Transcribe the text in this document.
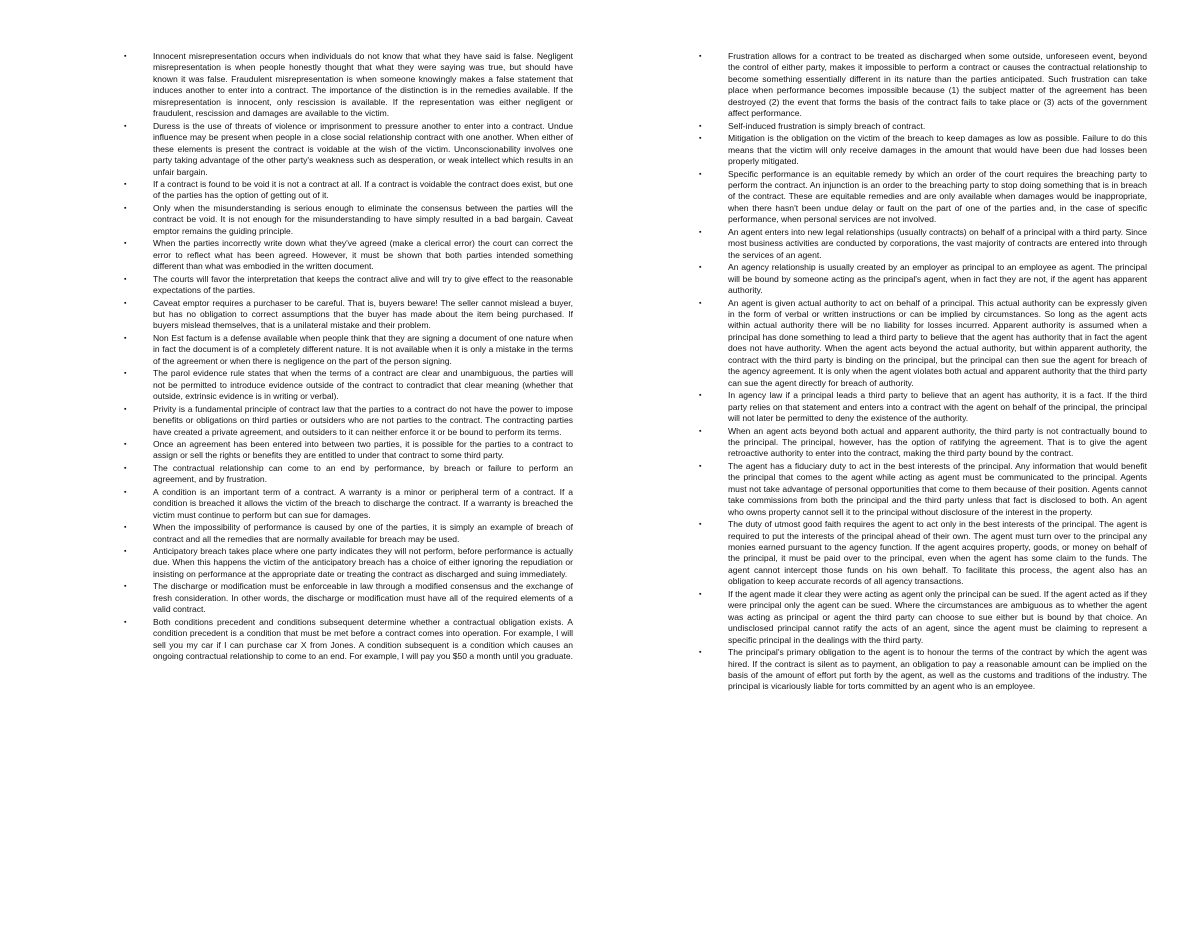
▪	Innocent misrepresentation occurs when individuals do not know that what they have said is false. Negligent misrepresentation is when people honestly thought that what they were saying was true, but should have known it was false. Fraudulent misrepresentation is when someone knowingly makes a false statement that induces another to enter into a contract. The importance of the distinction is in the remedies available. If the misrepresentation is innocent, only rescission is available. If the representation was either negligent or fraudulent, rescission and damages are available to the victim.
▪	Duress is the use of threats of violence or imprisonment to pressure another to enter into a contract. Undue influence may be present when people in a close social relationship contract with one another. When either of these elements is present the contract is voidable at the wish of the victim. Unconscionability involves one party taking advantage of the other party's weakness such as desperation, or weak intellect which results in an unfair bargain.
▪	If a contract is found to be void it is not a contract at all. If a contract is voidable the contract does exist, but one of the parties has the option of getting out of it.
▪	Only when the misunderstanding is serious enough to eliminate the consensus between the parties will the contract be void. It is not enough for the misunderstanding to have simply resulted in a bad bargain. Caveat emptor remains the guiding principle.
▪	When the parties incorrectly write down what they've agreed (make a clerical error) the court can correct the error to reflect what has been agreed. However, it must be shown that both parties intended something different than what was embodied in the written document.
▪	The courts will favor the interpretation that keeps the contract alive and will try to give effect to the reasonable expectations of the parties.
▪	Caveat emptor requires a purchaser to be careful. That is, buyers beware! The seller cannot mislead a buyer, but has no obligation to correct assumptions that the buyer has made about the item being purchased. If buyers mislead themselves, that is a unilateral mistake and their problem.
▪	Non Est factum is a defense available when people think that they are signing a document of one nature when in fact the document is of a completely different nature. It is not available when it is only a mistake in the terms of the agreement or when there is negligence on the part of the person signing.
▪	The parol evidence rule states that when the terms of a contract are clear and unambiguous, the parties will not be permitted to introduce evidence outside of the contract to contradict that clear meaning (whether that outside, extrinsic evidence is in writing or verbal).
▪	Privity is a fundamental principle of contract law that the parties to a contract do not have the power to impose benefits or obligations on third parties or outsiders who are not parties to the contract. The contracting parties have created a private agreement, and outsiders to it can neither enforce it or be bound to perform its terms.
▪	Once an agreement has been entered into between two parties, it is possible for the parties to a contract to assign or sell the rights or benefits they are entitled to under that contract to some third party.
▪	The contractual relationship can come to an end by performance, by breach or failure to perform an agreement, and by frustration.
▪	A condition is an important term of a contract. A warranty is a minor or peripheral term of a contract. If a condition is breached it allows the victim of the breach to discharge the contract. If a warranty is breached the victim must continue to perform but can sue for damages.
▪	When the impossibility of performance is caused by one of the parties, it is simply an example of breach of contract and all the remedies that are normally available for breach may be used.
▪	Anticipatory breach takes place where one party indicates they will not perform, before performance is actually due. When this happens the victim of the anticipatory breach has a choice of either ignoring the repudiation or insisting on performance at the appropriate date or treating the contract as discharged and suing immediately.
▪	The discharge or modification must be enforceable in law through a modified consensus and the exchange of fresh consideration. In other words, the discharge or modification must have all of the required elements of a valid contract.
▪	Both conditions precedent and conditions subsequent determine whether a contractual obligation exists. A condition precedent is a condition that must be met before a contract comes into operation. For example, I will sell you my car if I can purchase car X from Jones. A condition subsequent is a condition which causes an ongoing contractual relationship to come to an end. For example, I will pay you $50 a month until you graduate.
▪	Frustration allows for a contract to be treated as discharged when some outside, unforeseen event, beyond the control of either party, makes it impossible to perform a contract or causes the contractual relationship to become something essentially different in its nature than the parties anticipated. Such frustration can take place when performance becomes impossible because (1) the subject matter of the agreement has been destroyed (2) the event that forms the basis of the contract fails to take place or (3) acts of the government affect performance.
▪	Self-induced frustration is simply breach of contract.
▪	Mitigation is the obligation on the victim of the breach to keep damages as low as possible. Failure to do this means that the victim will only receive damages in the amount that would have been due had losses been properly mitigated.
▪	Specific performance is an equitable remedy by which an order of the court requires the breaching party to perform the contract. An injunction is an order to the breaching party to stop doing something that is in breach of the contract. These are equitable remedies and are only available when damages would be inappropriate, when there hasn't been undue delay or fault on the part of one of the parties and, in the case of specific performance, when personal services are not involved.
▪	An agent enters into new legal relationships (usually contracts) on behalf of a principal with a third party. Since most business activities are conducted by corporations, the vast majority of contracts are entered into through the services of an agent.
▪	An agency relationship is usually created by an employer as principal to an employee as agent. The principal will be bound by someone acting as the principal's agent, when in fact they are not, if the agent has apparent authority.
▪	An agent is given actual authority to act on behalf of a principal. This actual authority can be expressly given in the form of verbal or written instructions or can be implied by circumstances. So long as the agent acts within actual authority there will be no liability for losses incurred. Apparent authority is assumed when a principal has done something to lead a third party to believe that the agent has authority that in fact the agent does not have authority. When the agent acts beyond the actual authority, but within apparent authority, the contract with the third party is binding on the principal, but the principal can then sue the agent for breach of the agency agreement. It is only when the agent violates both actual and apparent authority that the third party can sue the agent directly for breach of authority.
▪	In agency law if a principal leads a third party to believe that an agent has authority, it is a fact. If the third party relies on that statement and enters into a contract with the agent on behalf of the principal, the principal will not later be permitted to deny the existence of the authority.
▪	When an agent acts beyond both actual and apparent authority, the third party is not contractually bound to the principal. The principal, however, has the option of ratifying the agreement. That is to give the agent retroactive authority to enter into the contract, making the third party bound by the contract.
▪	The agent has a fiduciary duty to act in the best interests of the principal. Any information that would benefit the principal that comes to the agent while acting as agent must be communicated to the principal. Agents must not take advantage of personal opportunities that come to them because of their position. Agents cannot take commissions from both the principal and the third party unless that fact is disclosed to both. An agent who owns property cannot sell it to the principal without disclosure of the interest in the property.
▪	The duty of utmost good faith requires the agent to act only in the best interests of the principal. The agent is required to put the interests of the principal ahead of their own. The agent must turn over to the principal any monies earned pursuant to the agency function. If the agent acquires property, goods, or money on behalf of the principal, it must be paid over to the principal, even when the agent has some claim to the funds. The agent cannot intercept those funds on his own behalf. To facilitate this process, the agent also has an obligation to keep accurate records of all agency transactions.
▪	If the agent made it clear they were acting as agent only the principal can be sued. If the agent acted as if they were principal only the agent can be sued. Where the circumstances are ambiguous as to whether the agent was acting as principal or agent the third party can choose to sue either but is bound by that choice. An undisclosed principal cannot ratify the acts of an agent, since the agent must be claiming to represent a specific principal in the dealings with the third party.
▪	The principal's primary obligation to the agent is to honour the terms of the contract by which the agent was hired. If the contract is silent as to payment, an obligation to pay a reasonable amount can be implied on the basis of the amount of effort put forth by the agent, as well as the customs and traditions of the industry. The principal is vicariously liable for torts committed by an agent who is an employee.
